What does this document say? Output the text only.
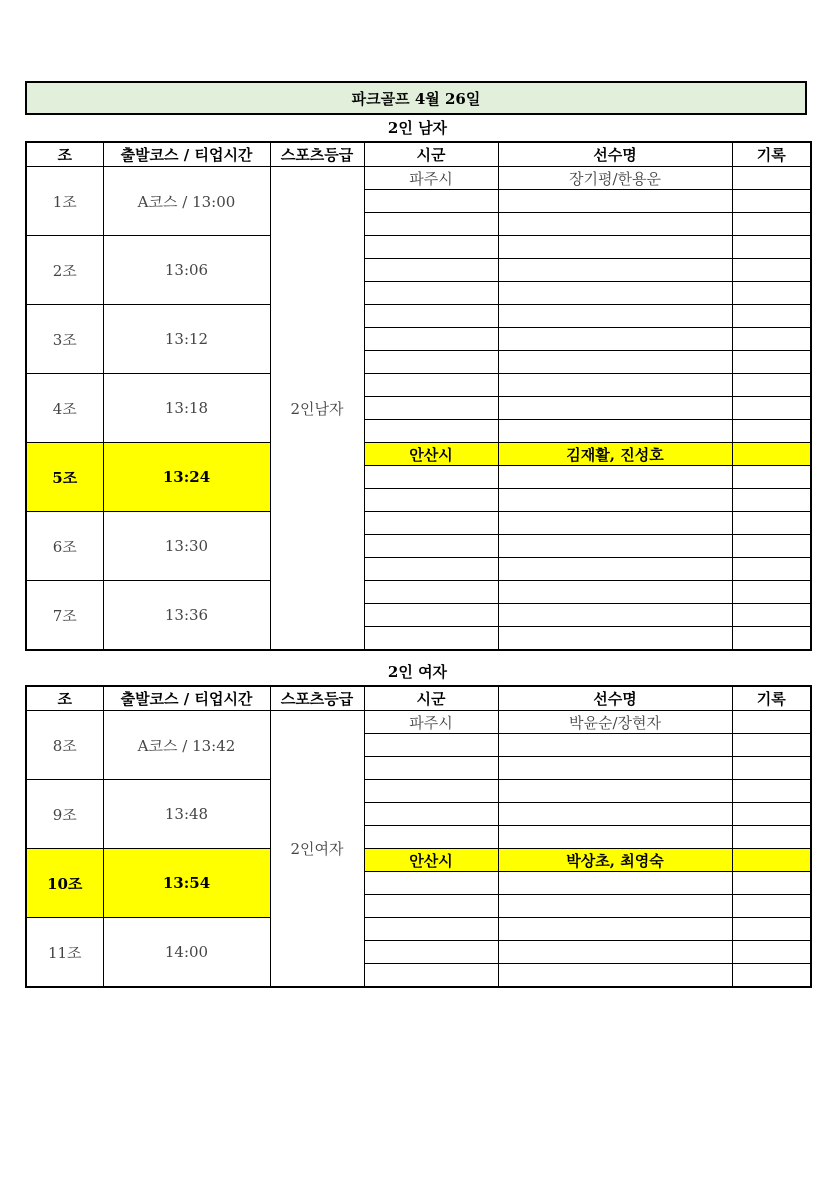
파크골프 4월 26일
2인 남자
조	출발코스 / 티업시간	스포츠등급	시군	선수명	기록
1조	A코스 / 13:00	2인남자	파주시	장기평/한용운	

2조	13:06				

3조	13:12				

4조	13:18				

5조	13:24		안산시	김재활, 진성호	

6조	13:30				

7조	13:36				

2인 여자
조	출발코스 / 티업시간	스포츠등급	시군	선수명	기록
8조	A코스 / 13:42	2인여자	파주시	박윤순/장현자	

9조	13:48				

10조	13:54		안산시	박상초, 최영숙	

11조	14:00				
